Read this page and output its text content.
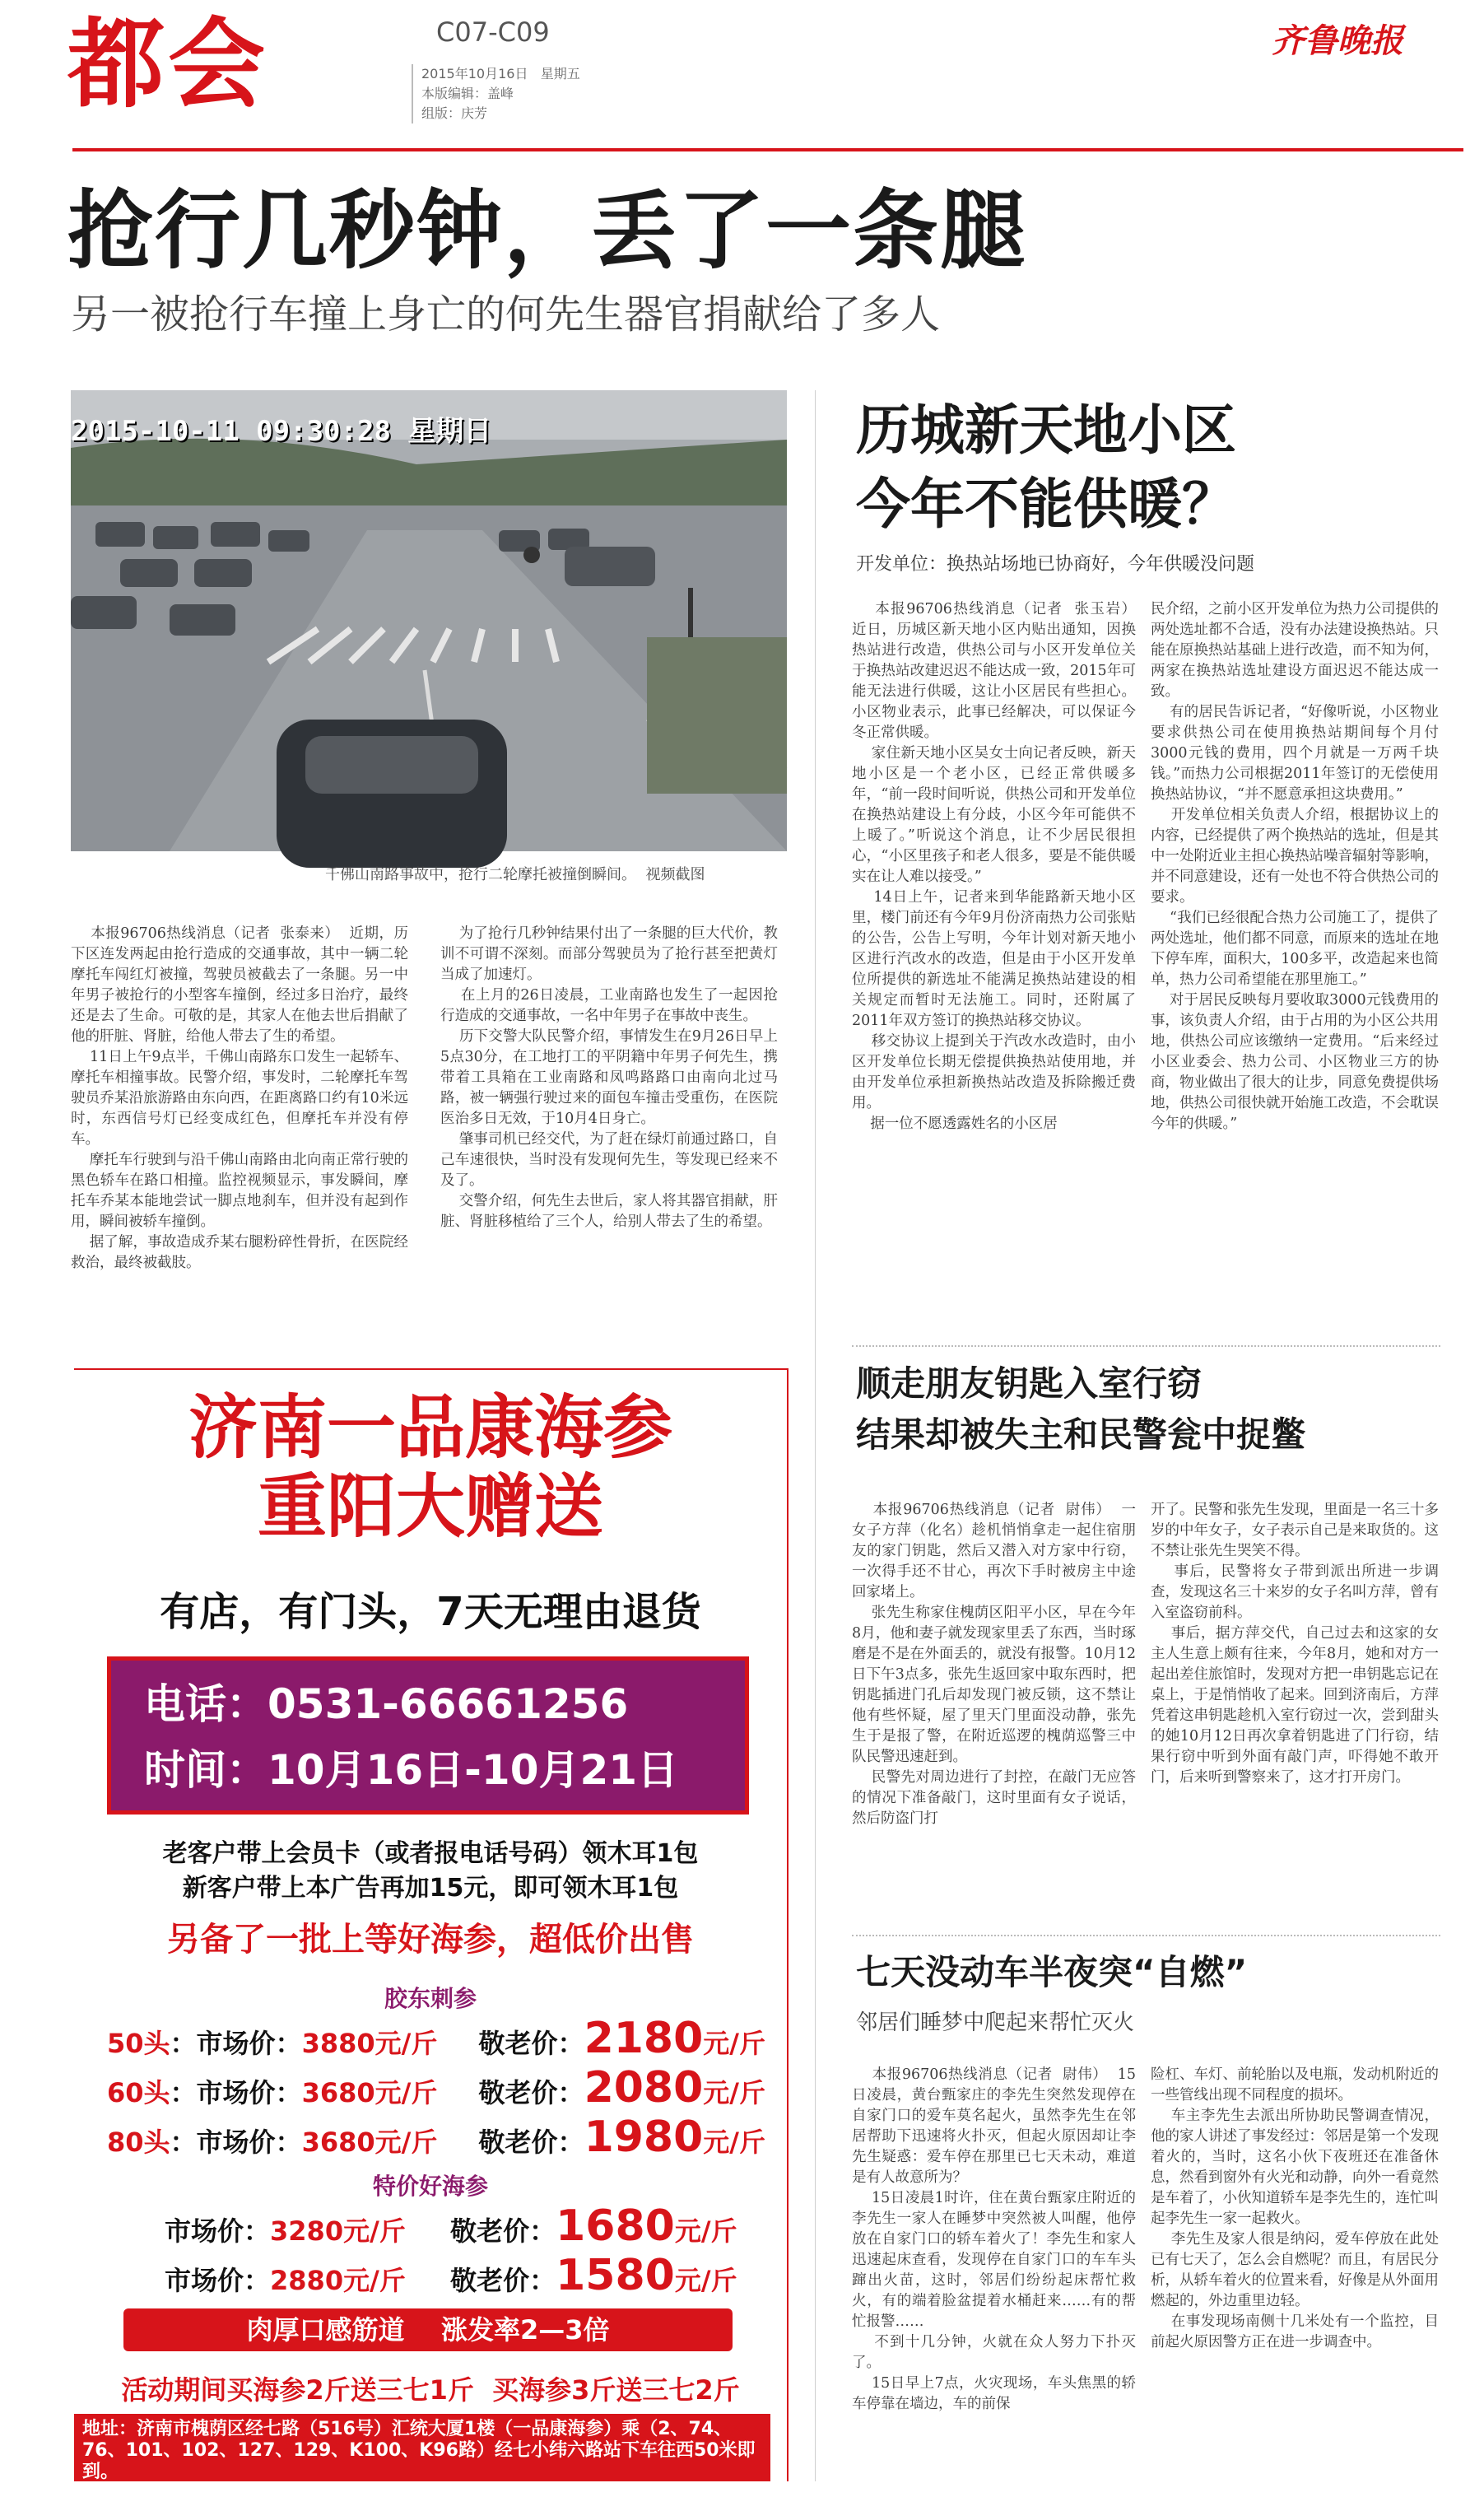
都会	C07-C09
2015年10月16日 星期五
本版编辑：盖峰
组版：庆芳
齐鲁晚报
抢行几秒钟，丢了一条腿
另一被抢行车撞上身亡的何先生器官捐献给了多人
2015-10-11 09:30:28 星期日
千佛山南路事故中，抢行二轮摩托被撞倒瞬间。  视频截图
本报96706热线消息（记者  张泰来）  近期，历下区连发两起由抢行造成的交通事故，其中一辆二轮摩托车闯红灯被撞，驾驶员被截去了一条腿。另一中年男子被抢行的小型客车撞倒，经过多日治疗，最终还是去了生命。可敬的是，其家人在他去世后捐献了他的肝脏、肾脏，给他人带去了生的希望。
11日上午9点半，千佛山南路东口发生一起轿车、摩托车相撞事故。民警介绍，事发时，二轮摩托车驾驶员乔某沿旅游路由东向西，在距离路口约有10米远时，东西信号灯已经变成红色，但摩托车并没有停车。
摩托车行驶到与沿千佛山南路由北向南正常行驶的黑色轿车在路口相撞。监控视频显示，事发瞬间，摩托车乔某本能地尝试一脚点地刹车，但并没有起到作用，瞬间被轿车撞倒。
据了解，事故造成乔某右腿粉碎性骨折，在医院经救治，最终被截肢。
为了抢行几秒钟结果付出了一条腿的巨大代价，教训不可谓不深刻。而部分驾驶员为了抢行甚至把黄灯当成了加速灯。
在上月的26日凌晨，工业南路也发生了一起因抢行造成的交通事故，一名中年男子在事故中丧生。
历下交警大队民警介绍，事情发生在9月26日早上5点30分，在工地打工的平阴籍中年男子何先生，携带着工具箱在工业南路和凤鸣路路口由南向北过马路，被一辆强行驶过来的面包车撞击受重伤，在医院医治多日无效，于10月4日身亡。
肇事司机已经交代，为了赶在绿灯前通过路口，自己车速很快，当时没有发现何先生，等发现已经来不及了。
交警介绍，何先生去世后，家人将其器官捐献，肝脏、肾脏移植给了三个人，给别人带去了生的希望。
历城新天地小区
今年不能供暖？
开发单位：换热站场地已协商好，今年供暖没问题
本报96706热线消息（记者  张玉岩）  近日，历城区新天地小区内贴出通知，因换热站进行改造，供热公司与小区开发单位关于换热站改建迟迟不能达成一致，2015年可能无法进行供暖，这让小区居民有些担心。小区物业表示，此事已经解决，可以保证今冬正常供暖。
家住新天地小区吴女士向记者反映，新天地小区是一个老小区，已经正常供暖多年，“前一段时间听说，供热公司和开发单位在换热站建设上有分歧，小区今年可能供不上暖了。”听说这个消息，让不少居民很担心，“小区里孩子和老人很多，要是不能供暖实在让人难以接受。”
14日上午，记者来到华能路新天地小区里，楼门前还有今年9月份济南热力公司张贴的公告，公告上写明，今年计划对新天地小区进行汽改水的改造，但是由于小区开发单位所提供的新选址不能满足换热站建设的相关规定而暂时无法施工。同时，还附属了2011年双方签订的换热站移交协议。
移交协议上提到关于汽改水改造时，由小区开发单位长期无偿提供换热站使用地，并由开发单位承担新换热站改造及拆除搬迁费用。
据一位不愿透露姓名的小区居
民介绍，之前小区开发单位为热力公司提供的两处选址都不合适，没有办法建设换热站。只能在原换热站基础上进行改造，而不知为何，两家在换热站选址建设方面迟迟不能达成一致。
有的居民告诉记者，“好像听说，小区物业要求供热公司在使用换热站期间每个月付3000元钱的费用，四个月就是一万两千块钱。”而热力公司根据2011年签订的无偿使用换热站协议，“并不愿意承担这块费用。”
开发单位相关负责人介绍，根据协议上的内容，已经提供了两个换热站的选址，但是其中一处附近业主担心换热站噪音辐射等影响，并不同意建设，还有一处也不符合供热公司的要求。
“我们已经很配合热力公司施工了，提供了两处选址，他们都不同意，而原来的选址在地下停车库，面积大，100多平，改造起来也简单，热力公司希望能在那里施工。”
对于居民反映每月要收取3000元钱费用的事，该负责人介绍，由于占用的为小区公共用地，供热公司应该缴纳一定费用。“后来经过小区业委会、热力公司、小区物业三方的协商，物业做出了很大的让步，同意免费提供场地，供热公司很快就开始施工改造，不会耽误今年的供暖。”
顺走朋友钥匙入室行窃
结果却被失主和民警瓮中捉鳖
本报96706热线消息（记者  尉伟）  一女子方萍（化名）趁机悄悄拿走一起住宿朋友的家门钥匙，然后又潜入对方家中行窃，一次得手还不甘心，再次下手时被房主中途回家堵上。
张先生称家住槐荫区阳平小区，早在今年8月，他和妻子就发现家里丢了东西，当时琢磨是不是在外面丢的，就没有报警。10月12日下午3点多，张先生返回家中取东西时，把钥匙插进门孔后却发现门被反锁，这不禁让他有些怀疑，屋了里天门里面没动静，张先生于是报了警，在附近巡逻的槐荫巡警三中队民警迅速赶到。
民警先对周边进行了封控，在敲门无应答的情况下准备敲门，这时里面有女子说话，然后防盗门打
开了。民警和张先生发现，里面是一名三十多岁的中年女子，女子表示自己是来取货的。这不禁让张先生哭笑不得。
事后，民警将女子带到派出所进一步调查，发现这名三十来岁的女子名叫方萍，曾有入室盗窃前科。
事后，据方萍交代，自己过去和这家的女主人生意上颇有往来，今年8月，她和对方一起出差住旅馆时，发现对方把一串钥匙忘记在桌上，于是悄悄收了起来。回到济南后，方萍凭着这串钥匙趁机入室行窃过一次，尝到甜头的她10月12日再次拿着钥匙进了门行窃，结果行窃中听到外面有敲门声，吓得她不敢开门，后来听到警察来了，这才打开房门。
七天没动车半夜突“自燃”
邻居们睡梦中爬起来帮忙灭火
本报96706热线消息（记者  尉伟）  15日凌晨，黄台甄家庄的李先生突然发现停在自家门口的爱车莫名起火，虽然李先生在邻居帮助下迅速将火扑灭，但起火原因却让李先生疑惑：爱车停在那里已七天未动，难道是有人故意所为？
15日凌晨1时许，住在黄台甄家庄附近的李先生一家人在睡梦中突然被人叫醒，他停放在自家门口的轿车着火了！李先生和家人迅速起床查看，发现停在自家门口的车车头蹿出火苗，这时，邻居们纷纷起床帮忙救火，有的端着脸盆提着水桶赶来……有的帮忙报警……
不到十几分钟，火就在众人努力下扑灭了。
15日早上7点，火灾现场，车头焦黑的轿车停靠在墙边，车的前保
险杠、车灯、前轮胎以及电瓶，发动机附近的一些管线出现不同程度的损坏。
车主李先生去派出所协助民警调查情况，他的家人讲述了事发经过：邻居是第一个发现着火的，当时，这名小伙下夜班还在准备休息，然看到窗外有火光和动静，向外一看竟然是车着了，小伙知道轿车是李先生的，连忙叫起李先生一家一起救火。
李先生及家人很是纳闷，爱车停放在此处已有七天了，怎么会自燃呢？而且，有居民分析，从轿车着火的位置来看，好像是从外面用燃起的，外边重里边轻。
在事发现场南侧十几米处有一个监控，目前起火原因警方正在进一步调查中。
济南一品康海参
重阳大赠送
有店，有门头，7天无理由退货
电话：0531-66661256
时间：10月16日-10月21日
老客户带上会员卡（或者报电话号码）领木耳1包
新客户带上本广告再加15元，即可领木耳1包
另备了一批上等好海参，超低价出售
胶东刺参
50头 ：市场价： 3880 元/斤	敬老价： 2180 元/斤
60头 ：市场价： 3680 元/斤	敬老价： 2080 元/斤
80头 ：市场价： 3680 元/斤	敬老价： 1980 元/斤
特价好海参
市场价： 3280 元/斤	敬老价： 1680 元/斤
市场价： 2880 元/斤	敬老价： 1580 元/斤
肉厚口感筋道    涨发率2—3倍
活动期间买海参2斤送三七1斤  买海参3斤送三七2斤
地址：济南市槐荫区经七路（516号）汇统大厦1楼（一品康海参）乘（2、74、76、101、102、127、129、K100、K96路）经七小纬六路站下车往西50米即到。
